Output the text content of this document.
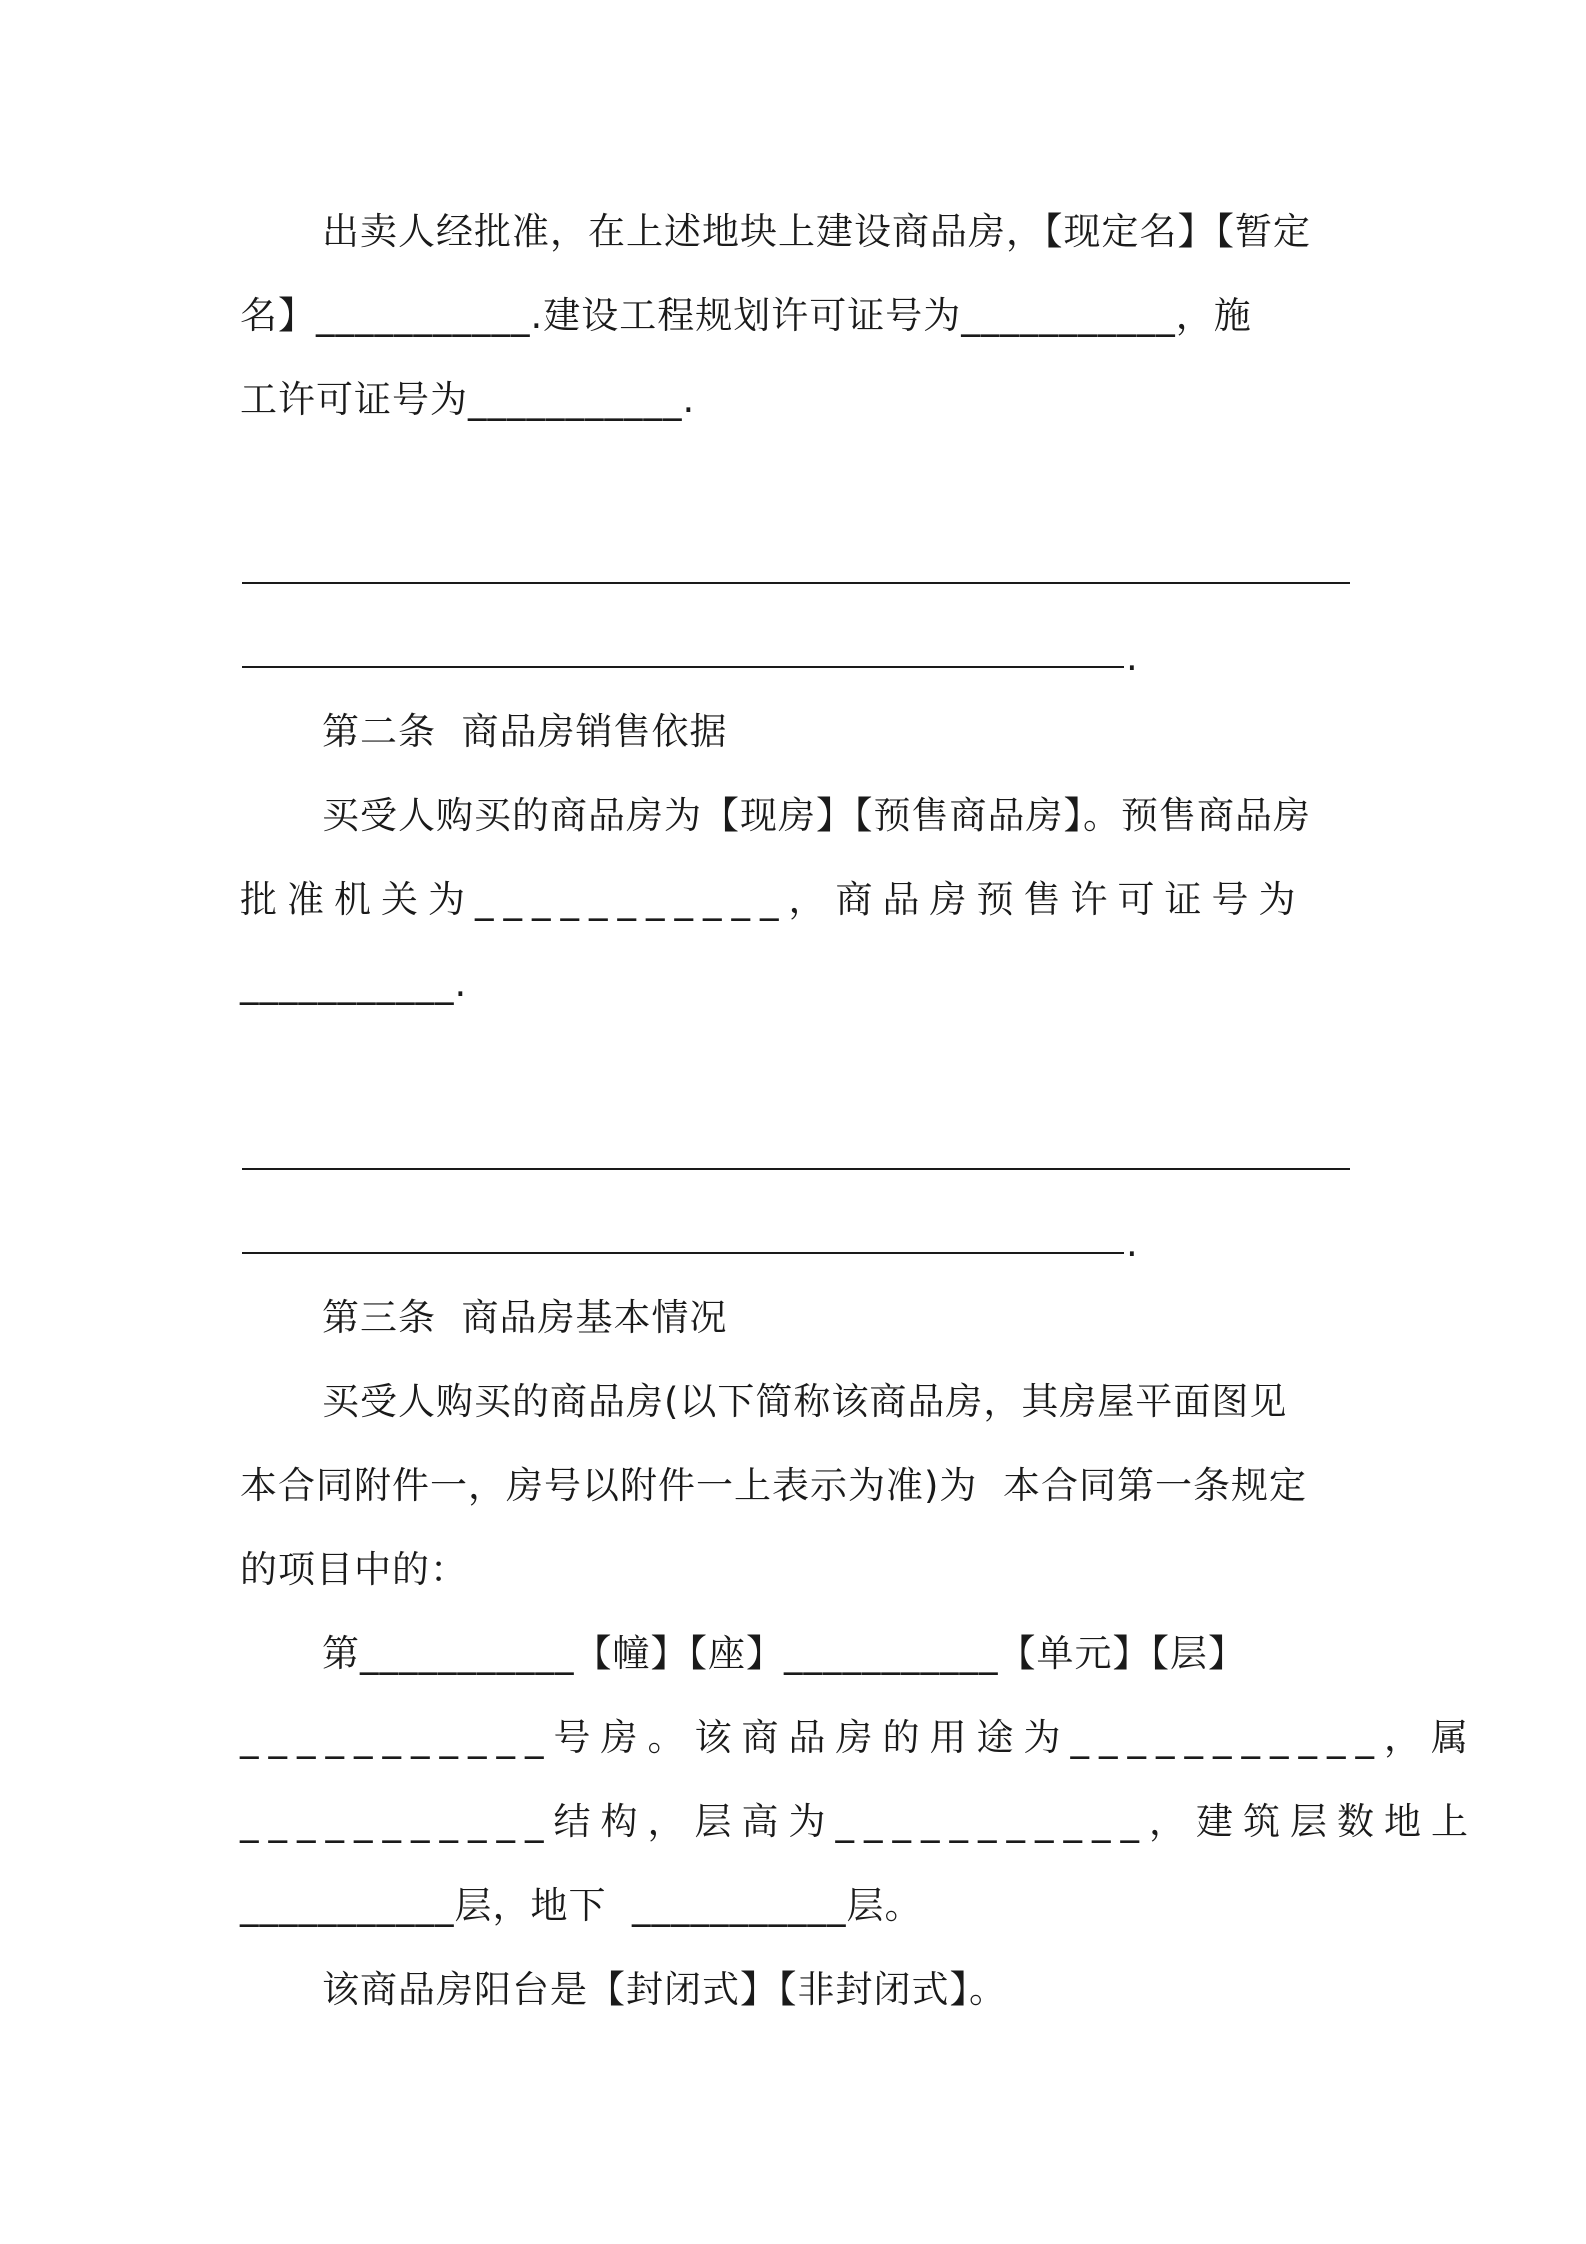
出卖人经批准，在上述地块上建设商品房，【现定名】【暂定

名】___________.建设工程规划许可证号为___________，施

工许可证号为___________.

.

第二条  商品房销售依据

买受人购买的商品房为【现房】【预售商品房】。预售商品房

批准机关为___________，商品房预售许可证号为

___________.

.

第三条  商品房基本情况

买受人购买的商品房(以下简称该商品房，其房屋平面图见

本合同附件一，房号以附件一上表示为准)为  本合同第一条规定

的项目中的：

第___________【幢】【座】___________【单元】【层】

___________号房。该商品房的用途为___________，属

___________结构，层高为___________，建筑层数地上

___________层，地下  ___________层。

该商品房阳台是【封闭式】【非封闭式】。
